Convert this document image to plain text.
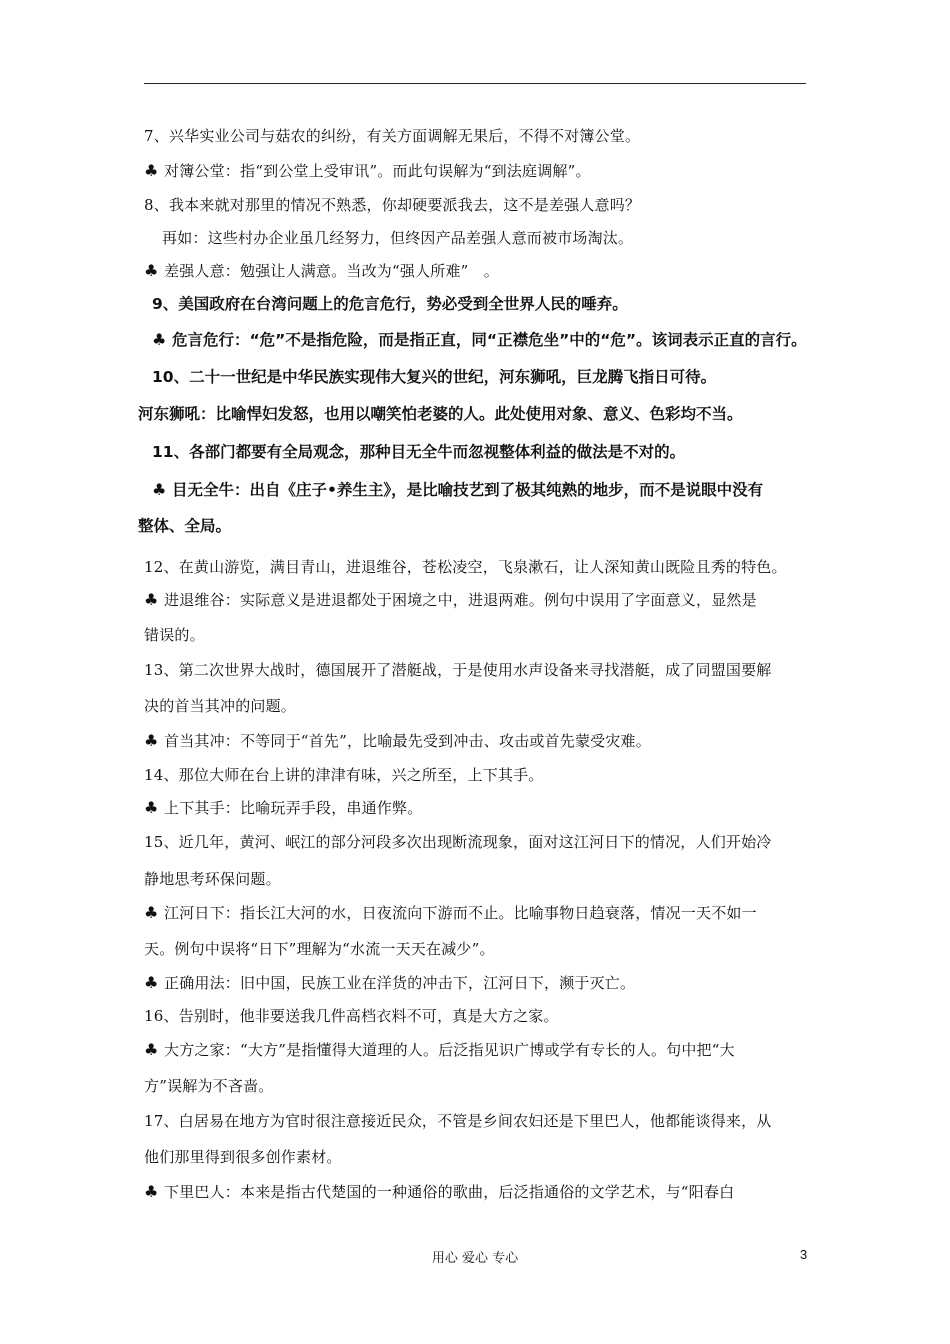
7、兴华实业公司与菇农的纠纷，有关方面调解无果后，不得不对簿公堂。
♣ 对簿公堂：指“到公堂上受审讯”。而此句误解为“到法庭调解”。
8、我本来就对那里的情况不熟悉，你却硬要派我去，这不是差强人意吗？
再如：这些村办企业虽几经努力，但终因产品差强人意而被市场淘汰。
♣ 差强人意：勉强让人满意。当改为“强人所难”　。
9、美国政府在台湾问题上的危言危行，势必受到全世界人民的唾弃。
♣ 危言危行：“危”不是指危险，而是指正直，同“正襟危坐”中的“危”。该词表示正直的言行。
10、二十一世纪是中华民族实现伟大复兴的世纪，河东狮吼，巨龙腾飞指日可待。
河东狮吼：比喻悍妇发怒，也用以嘲笑怕老婆的人。此处使用对象、意义、色彩均不当。
11、各部门都要有全局观念，那种目无全牛而忽视整体利益的做法是不对的。
♣ 目无全牛：出自《庄子•养生主》，是比喻技艺到了极其纯熟的地步，而不是说眼中没有
整体、全局。
12、在黄山游览，满目青山，进退维谷，苍松凌空，飞泉漱石，让人深知黄山既险且秀的特色。
♣ 进退维谷：实际意义是进退都处于困境之中，进退两难。例句中误用了字面意义，显然是
错误的。
13、第二次世界大战时，德国展开了潜艇战，于是使用水声设备来寻找潜艇，成了同盟国要解
决的首当其冲的问题。
♣ 首当其冲：不等同于“首先”，比喻最先受到冲击、攻击或首先蒙受灾难。
14、那位大师在台上讲的津津有味，兴之所至，上下其手。
♣ 上下其手：比喻玩弄手段，串通作弊。
15、近几年，黄河、岷江的部分河段多次出现断流现象，面对这江河日下的情况，人们开始冷
静地思考环保问题。
♣ 江河日下：指长江大河的水，日夜流向下游而不止。比喻事物日趋衰落，情况一天不如一
天。例句中误将“日下”理解为“水流一天天在减少”。
♣ 正确用法：旧中国，民族工业在洋货的冲击下，江河日下，濒于灭亡。
16、告别时，他非要送我几件高档衣料不可，真是大方之家。
♣ 大方之家：“大方”是指懂得大道理的人。后泛指见识广博或学有专长的人。句中把“大
方”误解为不吝啬。
17、白居易在地方为官时很注意接近民众，不管是乡间农妇还是下里巴人，他都能谈得来，从
他们那里得到很多创作素材。
♣ 下里巴人：本来是指古代楚国的一种通俗的歌曲，后泛指通俗的文学艺术，与“阳春白
用心 爱心 专心	3
